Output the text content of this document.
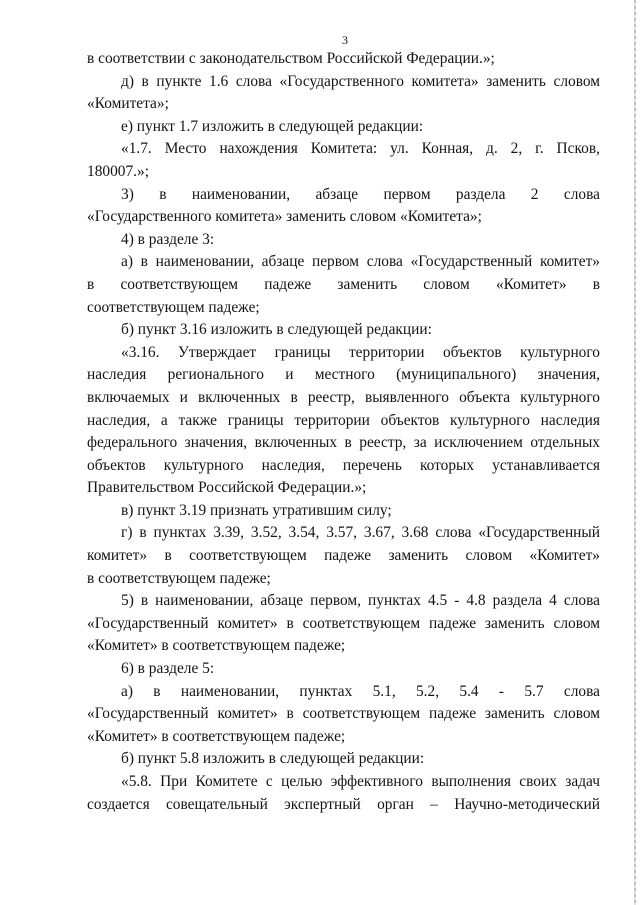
3
в соответствии с законодательством Российской Федерации.»;
д) в пункте 1.6 слова «Государственного комитета» заменить словом
«Комитета»;
е) пункт 1.7 изложить в следующей редакции:
«1.7. Место нахождения Комитета: ул. Конная, д. 2, г. Псков,
180007.»;
3) в наименовании, абзаце первом раздела 2 слова
«Государственного комитета» заменить словом «Комитета»;
4) в разделе 3:
а) в наименовании, абзаце первом слова «Государственный комитет»
в соответствующем падеже заменить словом «Комитет» в
соответствующем падеже;
б) пункт 3.16 изложить в следующей редакции:
«3.16. Утверждает границы территории объектов культурного
наследия регионального и местного (муниципального) значения,
включаемых и включенных в реестр, выявленного объекта культурного
наследия, а также границы территории объектов культурного наследия
федерального значения, включенных в реестр, за исключением отдельных
объектов культурного наследия, перечень которых устанавливается
Правительством Российской Федерации.»;
в) пункт 3.19 признать утратившим силу;
г) в пунктах 3.39, 3.52, 3.54, 3.57, 3.67, 3.68 слова «Государственный
комитет» в соответствующем падеже заменить словом «Комитет»
в соответствующем падеже;
5) в наименовании, абзаце первом, пунктах 4.5 - 4.8 раздела 4 слова
«Государственный комитет» в соответствующем падеже заменить словом
«Комитет» в соответствующем падеже;
6) в разделе 5:
а) в наименовании, пунктах 5.1, 5.2, 5.4 - 5.7 слова
«Государственный комитет» в соответствующем падеже заменить словом
«Комитет» в соответствующем падеже;
б) пункт 5.8 изложить в следующей редакции:
«5.8. При Комитете с целью эффективного выполнения своих задач
создается совещательный экспертный орган – Научно-методический
